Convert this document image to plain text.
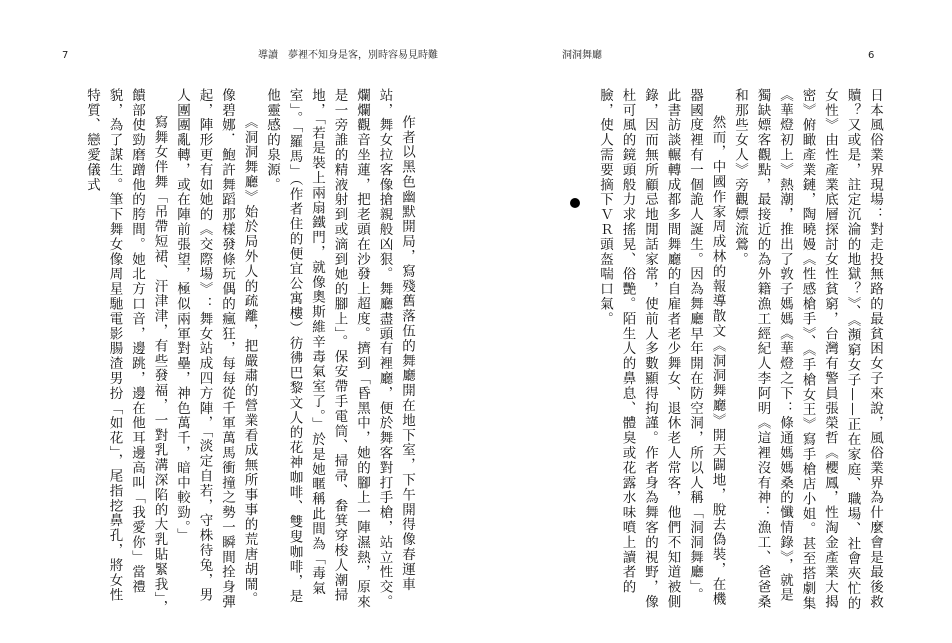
7	導讀　夢裡不知身是客，別時容易見時難	洞洞舞廳	6

作者以黑色幽默開局，寫殘舊落伍的舞廳開在地下室，下午開得像春運車站，舞女拉客像搶親般凶狠。舞廳盡頭有裡廳，便於舞客對打手槍，站立性交。爛爛觀音坐蓮，把老頭在沙發上超度。擠到「昏黑中，她的腳上一陣濕熱，原來是一旁誰的精液射到或滴到她的腳上」。保安帶手電筒、掃帚、畚箕穿梭人潮掃地，「若是裝上兩扇鐵門，就像奧斯維辛毒氣室了。」於是她暱稱此間為「毒氣室」。「羅馬」（作者住的便宜公寓樓）彷彿巴黎文人的花神咖啡、雙叟咖啡，是他靈感的泉源。

《洞洞舞廳》始於局外人的疏離，把嚴肅的營業看成無所事事的荒唐胡鬧。像碧娜．鮑許舞蹈那樣發條玩偶的瘋狂，每每從千軍萬馬衝撞之勢一瞬間拴身彈起，陣形更有如她的《交際場》：舞女站成四方陣，「淡定自若，守株待兔，男人團團亂轉，或在陣前張望，極似兩軍對壘，神色萬千，暗中較勁。」

寫舞女伴舞「吊帶短裙、汗津津，有些發福，一對乳溝深陷的大乳貼緊我」，饋部使勁磨蹭他的胯間。她北方口音，邊跳，邊在他耳邊高叫「我愛你」當禮貌，為了謀生。筆下舞女像周星馳電影腸渣男扮「如花」，尾指挖鼻孔，將女性特質、戀愛儀式	日本風俗業界現場：對走投無路的最貧困女子來說，風俗業界為什麼會是最後救贖？又或是，註定沉淪的地獄？》、《瀕窮女子——正在家庭、職場、社會夾忙的女性》由性產業底層探討女性貧窮，台灣有警員張榮哲《櫻鳳，性淘金產業大揭密》俯瞰產業鏈，陶曉嫚《性感槍手》、《手槍女王》寫手槍店小姐。甚至搭劇集《華燈初上》熱潮，推出了敦子媽媽《華燈之下：條通媽媽桑的懺情錄》，就是獨缺嫖客觀點，最接近的為外籍漁工經紀人李阿明《這裡沒有神：漁工、爸爸桑和那些女人》旁觀嫖流鶯。

然而，中國作家周成林的報導散文《洞洞舞廳》開天闢地，脫去偽裝，在機器國度裡有一個詭人誕生。因為舞廳早年開在防空洞，所以人稱「洞洞舞廳」。此書訪談輾轉成都多間舞廳的自雇者老少舞女、退休老人常客，他們不知道被側錄，因而無所顧忌地閒話家常，使前人多數顯得拘謹。作者身為舞客的視野，像杜可風的鏡頭般力求搖晃、俗艷。陌生人的鼻息、體臭或花露水味噴上讀者的臉，使人需要摘下ＶＲ頭盔喘口氣。
